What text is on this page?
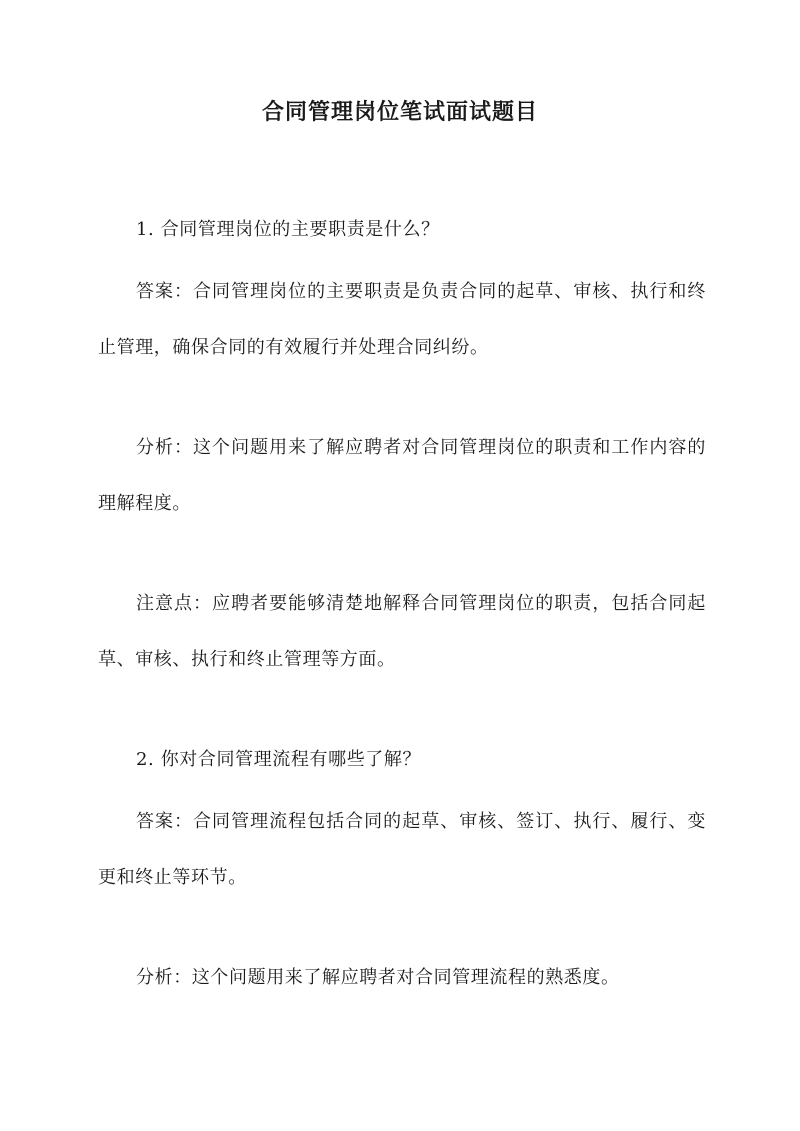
合同管理岗位笔试面试题目

1. 合同管理岗位的主要职责是什么？

答案：合同管理岗位的主要职责是负责合同的起草、审核、执行和终止管理，确保合同的有效履行并处理合同纠纷。

分析：这个问题用来了解应聘者对合同管理岗位的职责和工作内容的理解程度。

注意点：应聘者要能够清楚地解释合同管理岗位的职责，包括合同起草、审核、执行和终止管理等方面。

2. 你对合同管理流程有哪些了解？

答案：合同管理流程包括合同的起草、审核、签订、执行、履行、变更和终止等环节。

分析：这个问题用来了解应聘者对合同管理流程的熟悉度。
